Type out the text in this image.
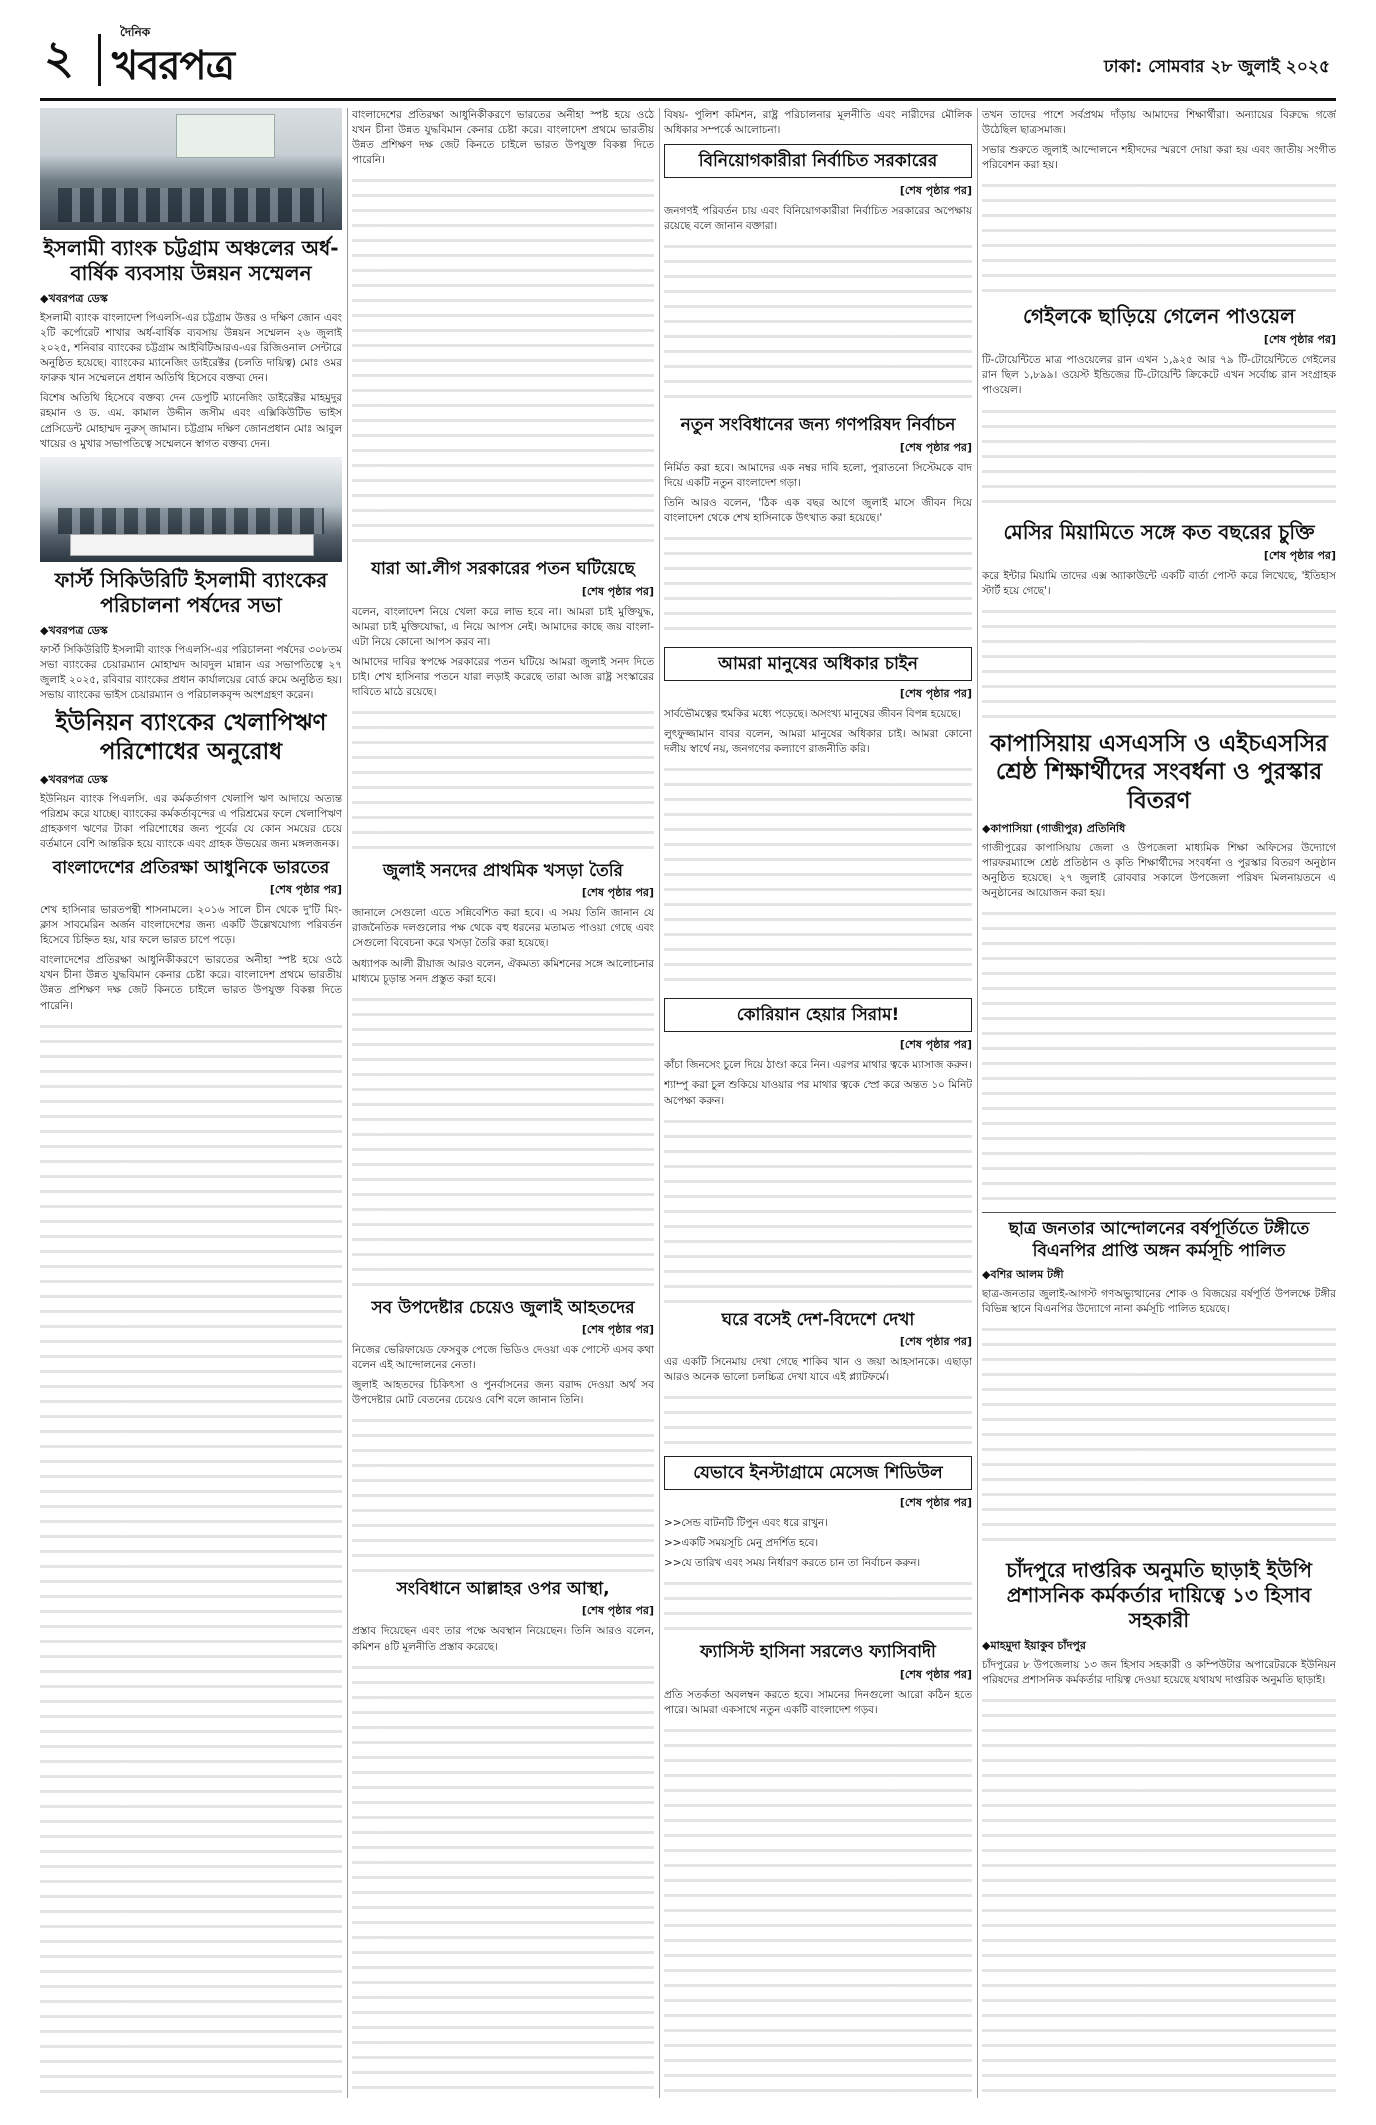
২	দৈনিক
খবরপত্র	ঢাকা: সোমবার ২৮ জুলাই ২০২৫
ইসলামী ব্যাংক চট্টগ্রাম অঞ্চলের অর্ধ-বার্ষিক ব্যবসায় উন্নয়ন সম্মেলন
◆ খবরপত্র ডেস্ক

ইসলামী ব্যাংক বাংলাদেশ পিএলসি-এর চট্টগ্রাম উত্তর ও দক্ষিণ জোন এবং ২টি কর্পোরেট শাখার অর্ধ-বার্ষিক ব্যবসায় উন্নয়ন সম্মেলন ২৬ জুলাই ২০২৫, শনিবার ব্যাংকের চট্টগ্রাম আইবিটিআরএ-এর রিজিওনাল সেন্টারে অনুষ্ঠিত হয়েছে। ব্যাংকের ম্যানেজিং ডাইরেক্টর (চলতি দায়িত্ব) মোঃ ওমর ফারুক খান সম্মেলনে প্রধান অতিথি হিসেবে বক্তব্য দেন।

বিশেষ অতিথি হিসেবে বক্তব্য দেন ডেপুটি ম্যানেজিং ডাইরেক্টর মাহমুদুর রহমান ও ড. এম. কামাল উদ্দীন জসীম এবং এক্সিকিউটিভ ভাইস প্রেসিডেন্ট মোহাম্মদ নুরুস্ জামান। চট্টগ্রাম দক্ষিণ জোনপ্রধান মোঃ আবুল খায়ের ও মুখার সভাপতিত্বে সম্মেলনে স্বাগত বক্তব্য দেন।

ফার্স্ট সিকিউরিটি ইসলামী ব্যাংকের পরিচালনা পর্ষদের সভা
◆ খবরপত্র ডেস্ক

ফার্স্ট সিকিউরিটি ইসলামী ব্যাংক পিএলসি-এর পরিচালনা পর্ষদের ৩০৮তম সভা ব্যাংকের চেয়ারম্যান মোহাম্মদ আবদুল মান্নান এর সভাপতিত্বে ২৭ জুলাই ২০২৫, রবিবার ব্যাংকের প্রধান কার্যালয়ের বোর্ড রুমে অনুষ্ঠিত হয়। সভায় ব্যাংকের ভাইস চেয়ারম্যান ও পরিচালকবৃন্দ অংশগ্রহণ করেন।

ইউনিয়ন ব্যাংকের খেলাপিঋণ পরিশোধের অনুরোধ
◆ খবরপত্র ডেস্ক

ইউনিয়ন ব্যাংক পিএলসি. এর কর্মকর্তাগণ খেলাপি ঋণ আদায়ে অত্যন্ত পরিশ্রম করে যাচ্ছে। ব্যাংকের কর্মকর্তাবৃন্দের এ পরিশ্রমের ফলে খেলাপিঋণ গ্রাহকগণ ঋণের টাকা পরিশোধের জন্য পূর্বের যে কোন সময়ের চেয়ে বর্তমানে বেশি আন্তরিক হয়ে ব্যাংকে এবং গ্রাহক উভয়ের জন্য মঙ্গলজনক।

বাংলাদেশের প্রতিরক্ষা আধুনিকে ভারতের
[শেষ পৃষ্ঠার পর]

শেখ হাসিনার ভারতপন্থী শাসনামলে। ২০১৬ সালে চীন থেকে দু'টি মিং-ক্লাস সাবমেরিন অর্জন বাংলাদেশের জন্য একটি উল্লেখযোগ্য পরিবর্তন হিসেবে চিহ্নিত হয়, যার ফলে ভারত চাপে পড়ে।

বাংলাদেশের প্রতিরক্ষা আধুনিকীকরণে ভারতের অনীহা স্পষ্ট হয়ে ওঠে যখন চীনা উন্নত যুদ্ধবিমান কেনার চেষ্টা করে। বাংলাদেশ প্রথমে ভারতীয় উন্নত প্রশিক্ষণ দক্ষ জেট কিনতে চাইলে ভারত উপযুক্ত বিকল্প দিতে পারেনি।

বাংলাদেশের প্রতিরক্ষা আধুনিকীকরণে ভারতের অনীহা স্পষ্ট হয়ে ওঠে যখন চীনা উন্নত যুদ্ধবিমান কেনার চেষ্টা করে। বাংলাদেশ প্রথমে ভারতীয় উন্নত প্রশিক্ষণ দক্ষ জেট কিনতে চাইলে ভারত উপযুক্ত বিকল্প দিতে পারেনি।

যারা আ.লীগ সরকারের পতন ঘটিয়েছে
[শেষ পৃষ্ঠার পর]

বলেন, বাংলাদেশ নিয়ে খেলা করে লাভ হবে না। আমরা চাই মুক্তিযুদ্ধ, আমরা চাই মুক্তিযোদ্ধা, এ নিয়ে আপস নেই। আমাদের কাছে জয় বাংলা- এটা নিয়ে কোনো আপস করব না।

আমাদের দাবির স্বপক্ষে সরকারের পতন ঘটিয়ে আমরা জুলাই সনদ দিতে চাই। শেখ হাসিনার পতনে যারা লড়াই করেছে তারা আজ রাষ্ট্র সংস্কারের দাবিতে মাঠে রয়েছে।

জুলাই সনদের প্রাথমিক খসড়া তৈরি
[শেষ পৃষ্ঠার পর]

জানালে সেগুলো এতে সন্নিবেশিত করা হবে। এ সময় তিনি জানান যে রাজনৈতিক দলগুলোর পক্ষ থেকে বহু ধরনের মতামত পাওয়া গেছে এবং সেগুলো বিবেচনা করে খসড়া তৈরি করা হয়েছে।

অধ্যাপক আলী রীয়াজ আরও বলেন, ঐকমত্য কমিশনের সঙ্গে আলোচনার মাধ্যমে চূড়ান্ত সনদ প্রস্তুত করা হবে।

সব উপদেষ্টার চেয়েও জুলাই আহতদের
[শেষ পৃষ্ঠার পর]

নিজের ভেরিফায়েড ফেসবুক পেজে ভিডিও দেওয়া এক পোস্টে এসব কথা বলেন এই আন্দোলনের নেতা।

জুলাই আহতদের চিকিৎসা ও পুনর্বাসনের জন্য বরাদ্দ দেওয়া অর্থ সব উপদেষ্টার মোট বেতনের চেয়েও বেশি বলে জানান তিনি।

সংবিধানে আল্লাহর ওপর আস্থা,
[শেষ পৃষ্ঠার পর]

প্রস্তাব দিয়েছেন এবং তার পক্ষে অবস্থান নিয়েছেন। তিনি আরও বলেন, কমিশন ৪টি মূলনীতি প্রস্তাব করেছে।

বিষয়- পুলিশ কমিশন, রাষ্ট্র পরিচালনার মূলনীতি এবং নারীদের মৌলিক অধিকার সম্পর্কে আলোচনা।

বিনিয়োগকারীরা নির্বাচিত সরকারের
[শেষ পৃষ্ঠার পর]

জনগণই পরিবর্তন চায় এবং বিনিয়োগকারীরা নির্বাচিত সরকারের অপেক্ষায় রয়েছে বলে জানান বক্তারা।

নতুন সংবিধানের জন্য গণপরিষদ নির্বাচন
[শেষ পৃষ্ঠার পর]

নির্মিত করা হবে। আমাদের এক নম্বর দাবি হলো, পুরাতনো সিস্টেমকে বাদ দিয়ে একটি নতুন বাংলাদেশ গড়া।

তিনি আরও বলেন, 'ঠিক এক বছর আগে জুলাই মাসে জীবন দিয়ে বাংলাদেশ থেকে শেখ হাসিনাকে উৎখাত করা হয়েছে।'

আমরা মানুষের অধিকার চাইন
[শেষ পৃষ্ঠার পর]

সার্বভৌমত্বের হুমকির মধ্যে পড়েছে। অসংখ্য মানুষের জীবন বিপন্ন হয়েছে।

লুৎফুজ্জামান বাবর বলেন, আমরা মানুষের অধিকার চাই। আমরা কোনো দলীয় স্বার্থে নয়, জনগণের কল্যাণে রাজনীতি করি।

কোরিয়ান হেয়ার সিরাম!
[শেষ পৃষ্ঠার পর]

কাঁচা জিনসেং চুলে দিয়ে ঠাণ্ডা করে নিন। এরপর মাথার ত্বকে ম্যাসাজ করুন।

শ্যাম্পু করা চুল শুকিয়ে যাওয়ার পর মাথার ত্বকে স্প্রে করে অন্তত ১০ মিনিট অপেক্ষা করুন।

ঘরে বসেই দেশ-বিদেশে দেখা
[শেষ পৃষ্ঠার পর]

এর একটি সিনেমায় দেখা গেছে শাকিব খান ও জয়া আহসানকে। এছাড়া আরও অনেক ভালো চলচ্চিত্র দেখা যাবে এই প্ল্যাটফর্মে।

যেভাবে ইনস্টাগ্রামে মেসেজ শিডিউল
[শেষ পৃষ্ঠার পর]

>>সেন্ড বাটনটি টিপুন এবং ধরে রাখুন।

>>একটি সময়সূচি মেনু প্রদর্শিত হবে।

>>যে তারিখ এবং সময় নির্ধারণ করতে চান তা নির্বাচন করুন।

ফ্যাসিস্ট হাসিনা সরলেও ফ্যাসিবাদী
[শেষ পৃষ্ঠার পর]

প্রতি সতর্কতা অবলম্বন করতে হবে। সামনের দিনগুলো আরো কঠিন হতে পারে। আমরা একসাথে নতুন একটি বাংলাদেশ গড়ব।

তখন তাদের পাশে সর্বপ্রথম দাঁড়ায় আমাদের শিক্ষার্থীরা। অন্যায়ের বিরুদ্ধে গর্জে উঠেছিল ছাত্রসমাজ।

সভার শুরুতে জুলাই আন্দোলনে শহীদদের স্মরণে দোয়া করা হয় এবং জাতীয় সংগীত পরিবেশন করা হয়।

গেইলকে ছাড়িয়ে গেলেন পাওয়েল
[শেষ পৃষ্ঠার পর]

টি-টোয়েন্টিতে মাত্র পাওয়েলের রান এখন ১,৯২৫ আর ৭৯ টি-টোয়েন্টিতে গেইলের রান ছিল ১,৮৯৯। ওয়েস্ট ইন্ডিজের টি-টোয়েন্টি ক্রিকেটে এখন সর্বোচ্চ রান সংগ্রাহক পাওয়েল।

মেসির মিয়ামিতে সঙ্গে কত বছরের চুক্তি
[শেষ পৃষ্ঠার পর]

করে ইন্টার মিয়ামি তাদের এক্স অ্যাকাউন্টে একটি বার্তা পোস্ট করে লিখেছে, 'ইতিহাস স্টার্ট হয়ে গেছে'।

কাপাসিয়ায় এসএসসি ও এইচএসসির শ্রেষ্ঠ শিক্ষার্থীদের সংবর্ধনা ও পুরস্কার বিতরণ
◆ কাপাসিয়া (গাজীপুর) প্রতিনিধি

গাজীপুরের কাপাসিয়ায় জেলা ও উপজেলা মাধ্যমিক শিক্ষা অফিসের উদ্যোগে পারফরম্যান্সে শ্রেষ্ঠ প্রতিষ্ঠান ও কৃতি শিক্ষার্থীদের সংবর্ধনা ও পুরস্কার বিতরণ অনুষ্ঠান অনুষ্ঠিত হয়েছে। ২৭ জুলাই রোববার সকালে উপজেলা পরিষদ মিলনায়তনে এ অনুষ্ঠানের আয়োজন করা হয়।

ছাত্র জনতার আন্দোলনের বর্ষপূর্তিতে টঙ্গীতে বিএনপির প্রাপ্তি অঙ্গন কর্মসূচি পালিত
◆ বশির আলম টঙ্গী

ছাত্র-জনতার জুলাই-আগস্ট গণঅভ্যুত্থানের শোক ও বিজয়ের বর্ষপূর্তি উপলক্ষে টঙ্গীর বিভিন্ন স্থানে বিএনপির উদ্যোগে নানা কর্মসূচি পালিত হয়েছে।

চাঁদপুরে দাপ্তরিক অনুমতি ছাড়াই ইউপি প্রশাসনিক কর্মকর্তার দায়িত্বে ১৩ হিসাব সহকারী
◆ মাহমুদা ইয়াকুব চাঁদপুর

চাঁদপুরের ৮ উপজেলায় ১৩ জন হিসাব সহকারী ও কম্পিউটার অপারেটরকে ইউনিয়ন পরিষদের প্রশাসনিক কর্মকর্তার দায়িত্ব দেওয়া হয়েছে যথাযথ দাপ্তরিক অনুমতি ছাড়াই।
